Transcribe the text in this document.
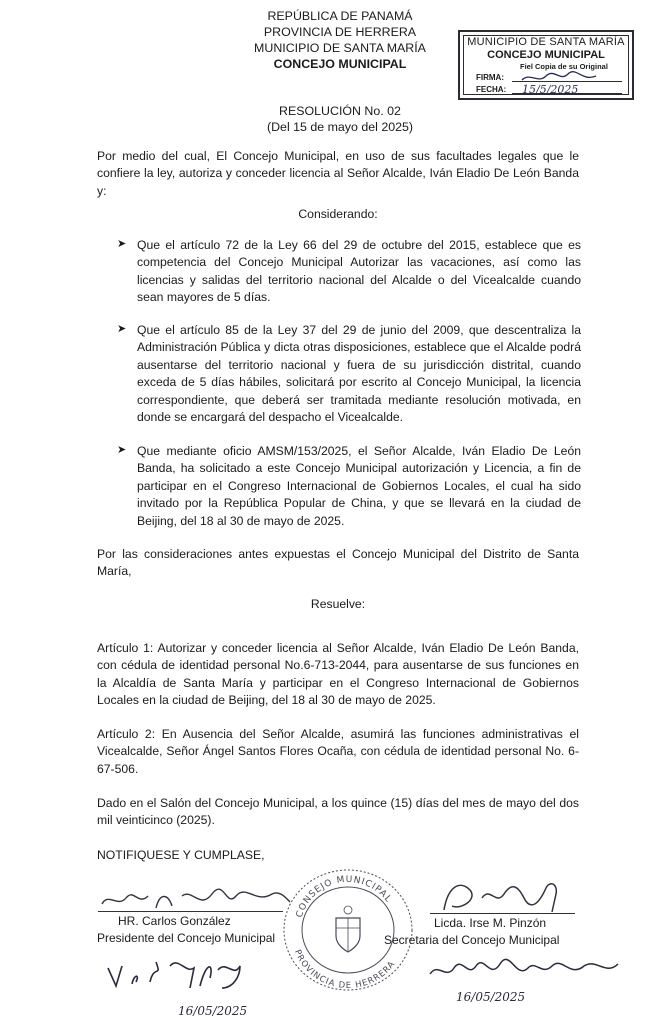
REPÚBLICA DE PANAMÁ
PROVINCIA DE HERRERA
MUNICIPIO DE SANTA MARÍA
CONCEJO MUNICIPAL
MUNICIPIO DE SANTA MARÍA
CONCEJO MUNICIPAL
Fiel Copia de su Original
FIRMA:
FECHA: 15/5/2025
RESOLUCIÓN No. 02
(Del 15 de mayo del 2025)
Por medio del cual, El Concejo Municipal, en uso de sus facultades legales que le confiere la ley, autoriza y conceder licencia al Señor Alcalde, Iván Eladio De León Banda y:
Considerando:
➤ Que el artículo 72 de la Ley 66 del 29 de octubre del 2015, establece que es competencia del Concejo Municipal Autorizar las vacaciones, así como las licencias y salidas del territorio nacional del Alcalde o del Vicealcalde cuando sean mayores de 5 días.
➤ Que el artículo 85 de la Ley 37 del 29 de junio del 2009, que descentraliza la Administración Pública y dicta otras disposiciones, establece que el Alcalde podrá ausentarse del territorio nacional y fuera de su jurisdicción distrital, cuando exceda de 5 días hábiles, solicitará por escrito al Concejo Municipal, la licencia correspondiente, que deberá ser tramitada mediante resolución motivada, en donde se encargará del despacho el Vicealcalde.
➤ Que mediante oficio AMSM/153/2025, el Señor Alcalde, Iván Eladio De León Banda, ha solicitado a este Concejo Municipal autorización y Licencia, a fin de participar en el Congreso Internacional de Gobiernos Locales, el cual ha sido invitado por la República Popular de China, y que se llevará en la ciudad de Beijing, del 18 al 30 de mayo de 2025.
Por las consideraciones antes expuestas el Concejo Municipal del Distrito de Santa María,
Resuelve:
Artículo 1: Autorizar y conceder licencia al Señor Alcalde, Iván Eladio De León Banda, con cédula de identidad personal No.6-713-2044, para ausentarse de sus funciones en la Alcaldía de Santa María y participar en el Congreso Internacional de Gobiernos Locales en la ciudad de Beijing, del 18 al 30 de mayo de 2025.
Artículo 2: En Ausencia del Señor Alcalde, asumirá las funciones administrativas el Vicealcalde, Señor Ángel Santos Flores Ocaña, con cédula de identidad personal No. 6-67-506.
Dado en el Salón del Concejo Municipal, a los quince (15) días del mes de mayo del dos mil veinticinco (2025).
NOTIFIQUESE Y CUMPLASE,
HR. Carlos González
Presidente del Concejo Municipal
Licda. Irse M. Pinzón
Secretaria del Concejo Municipal
CONSEJO MUNICIPAL
PROVINCIA DE HERRERA
16/05/2025
16/05/2025
